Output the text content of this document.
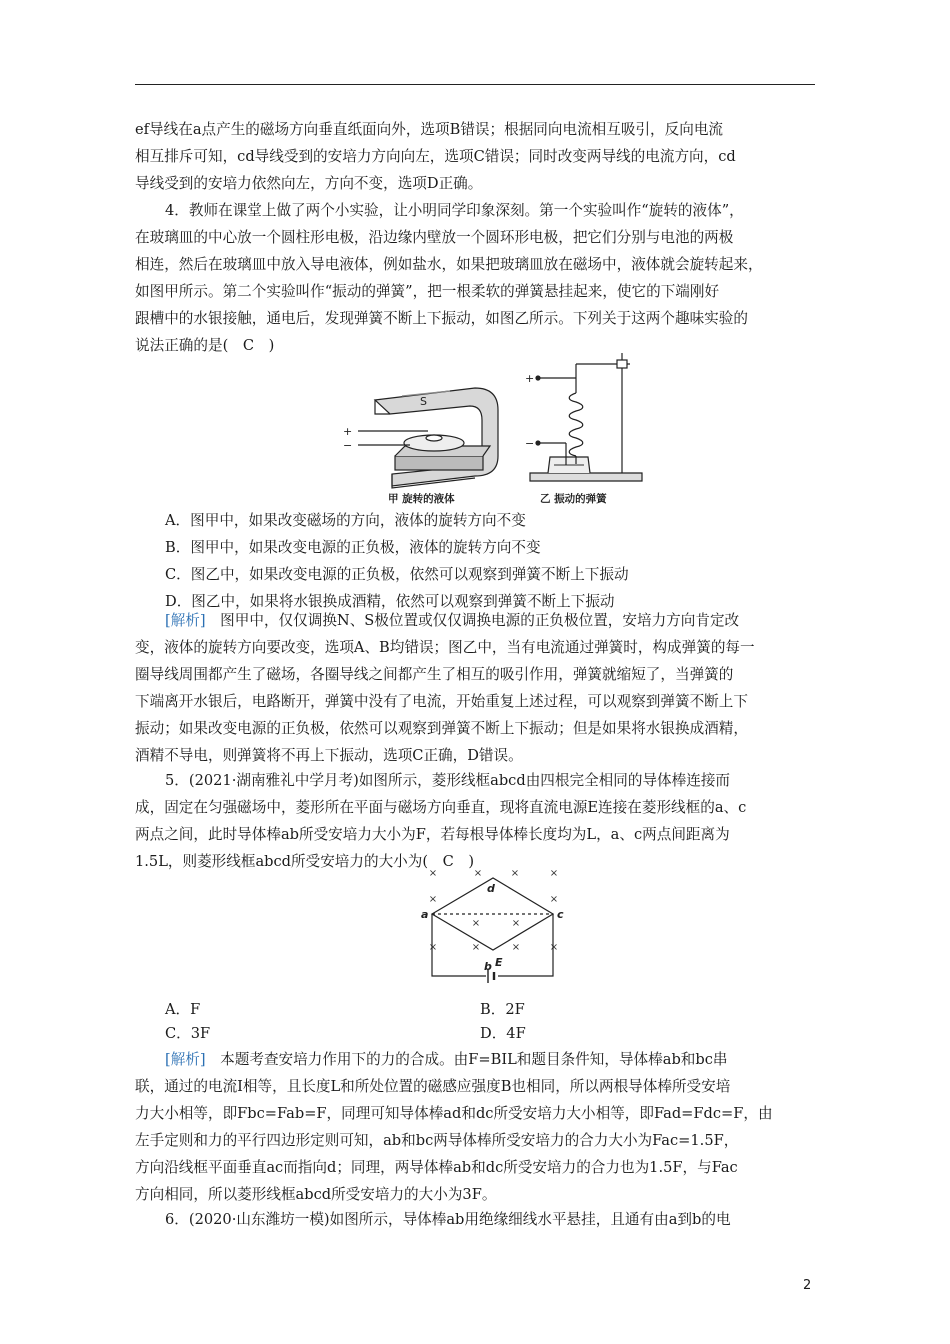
ef导线在a点产生的磁场方向垂直纸面向外，选项B错误；根据同向电流相互吸引，反向电流
相互排斥可知，cd导线受到的安培力方向向左，选项C错误；同时改变两导线的电流方向，cd
导线受到的安培力依然向左，方向不变，选项D正确。
4．教师在课堂上做了两个小实验，让小明同学印象深刻。第一个实验叫作“旋转的液体”，
在玻璃皿的中心放一个圆柱形电极，沿边缘内壁放一个圆环形电极，把它们分别与电池的两极
相连，然后在玻璃皿中放入导电液体，例如盐水，如果把玻璃皿放在磁场中，液体就会旋转起来，
如图甲所示。第二个实验叫作“振动的弹簧”，把一根柔软的弹簧悬挂起来，使它的下端刚好
跟槽中的水银接触，通电后，发现弹簧不断上下振动，如图乙所示。下列关于这两个趣味实验的
说法正确的是(　C　)
S
+
−
+
−
甲 旋转的液体	乙 振动的弹簧
A．图甲中，如果改变磁场的方向，液体的旋转方向不变
B．图甲中，如果改变电源的正负极，液体的旋转方向不变
C．图乙中，如果改变电源的正负极，依然可以观察到弹簧不断上下振动
D．图乙中，如果将水银换成酒精，依然可以观察到弹簧不断上下振动
[解析]　图甲中，仅仅调换N、S极位置或仅仅调换电源的正负极位置，安培力方向肯定改
变，液体的旋转方向要改变，选项A、B均错误；图乙中，当有电流通过弹簧时，构成弹簧的每一
圈导线周围都产生了磁场，各圈导线之间都产生了相互的吸引作用，弹簧就缩短了，当弹簧的
下端离开水银后，电路断开，弹簧中没有了电流，开始重复上述过程，可以观察到弹簧不断上下
振动；如果改变电源的正负极，依然可以观察到弹簧不断上下振动；但是如果将水银换成酒精，
酒精不导电，则弹簧将不再上下振动，选项C正确，D错误。
5．(2021·湖南雅礼中学月考)如图所示，菱形线框abcd由四根完全相同的导体棒连接而
成，固定在匀强磁场中，菱形所在平面与磁场方向垂直，现将直流电源E连接在菱形线框的a、c
两点之间，此时导体棒ab所受安培力大小为F，若每根导体棒长度均为L，a、c两点间距离为
1.5L，则菱形线框abcd所受安培力的大小为(　C　)
×	×	×	×
×	×
×	×
×	×
×	×
a
b
c
d
E
A．F	B．2F
C．3F	D．4F
[解析]　本题考查安培力作用下的力的合成。由F=BIL和题目条件知，导体棒ab和bc串
联，通过的电流I相等，且长度L和所处位置的磁感应强度B也相同，所以两根导体棒所受安培
力大小相等，即Fbc=Fab=F，同理可知导体棒ad和dc所受安培力大小相等，即Fad=Fdc=F，由
左手定则和力的平行四边形定则可知，ab和bc两导体棒所受安培力的合力大小为Fac=1.5F，
方向沿线框平面垂直ac而指向d；同理，两导体棒ab和dc所受安培力的合力也为1.5F，与Fac
方向相同，所以菱形线框abcd所受安培力的大小为3F。
6．(2020·山东潍坊一模)如图所示，导体棒ab用绝缘细线水平悬挂，且通有由a到b的电
2
